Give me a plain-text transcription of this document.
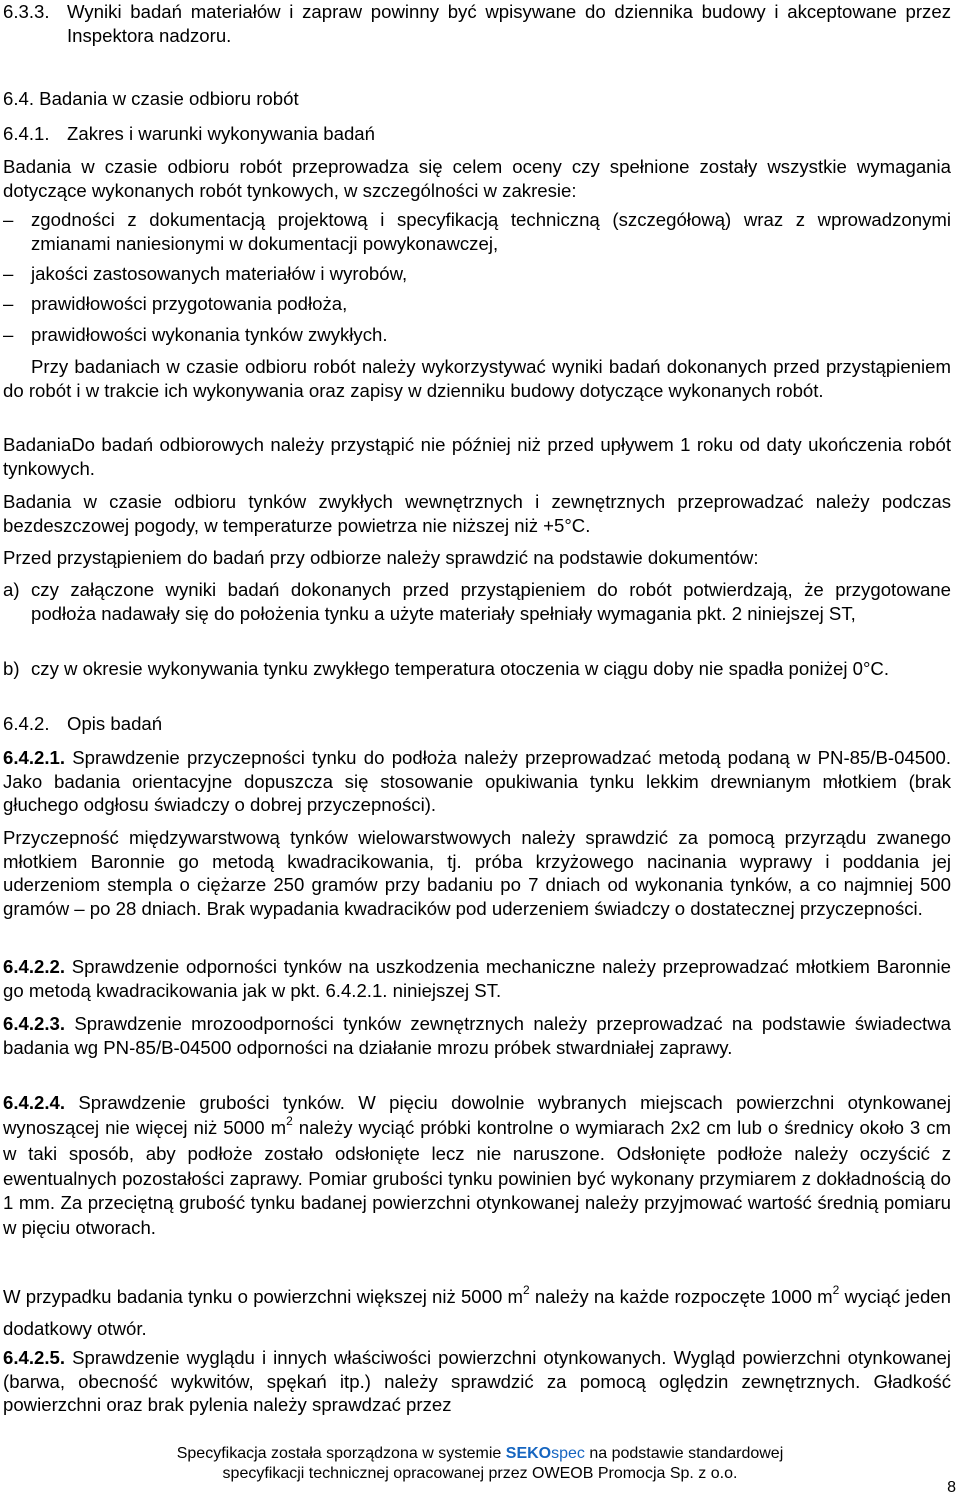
6.3.3. Wyniki badań materiałów i zapraw powinny być wpisywane do dziennika budowy i akceptowane przez Inspektora nadzoru.
6.4. Badania w czasie odbioru robót
6.4.1. Zakres i warunki wykonywania badań
Badania w czasie odbioru robót przeprowadza się celem oceny czy spełnione zostały wszystkie wymagania dotyczące wykonanych robót tynkowych, w szczególności w zakresie:
– zgodności z dokumentacją projektową i specyfikacją techniczną (szczegółową) wraz z wprowadzonymi zmianami naniesionymi w dokumentacji powykonawczej,
– jakości zastosowanych materiałów i wyrobów,
– prawidłowości przygotowania podłoża,
– prawidłowości wykonania tynków zwykłych.
Przy badaniach w czasie odbioru robót należy wykorzystywać wyniki badań dokonanych przed przystąpieniem do robót i w trakcie ich wykonywania oraz zapisy w dzienniku budowy dotyczące wykonanych robót.
BadaniaDo badań odbiorowych należy przystąpić nie później niż przed upływem 1 roku od daty ukończenia robót tynkowych.
Badania w czasie odbioru tynków zwykłych wewnętrznych i zewnętrznych przeprowadzać należy podczas bezdeszczowej pogody, w temperaturze powietrza nie niższej niż +5°C.
Przed przystąpieniem do badań przy odbiorze należy sprawdzić na podstawie dokumentów:
a) czy załączone wyniki badań dokonanych przed przystąpieniem do robót potwierdzają, że przygotowane podłoża nadawały się do położenia tynku a użyte materiały spełniały wymagania pkt. 2 niniejszej ST,
b) czy w okresie wykonywania tynku zwykłego temperatura otoczenia w ciągu doby nie spadła poniżej 0°C.
6.4.2. Opis badań
6.4.2.1. Sprawdzenie przyczepności tynku do podłoża należy przeprowadzać metodą podaną w PN-85/B-04500. Jako badania orientacyjne dopuszcza się stosowanie opukiwania tynku lekkim drewnianym młotkiem (brak głuchego odgłosu świadczy o dobrej przyczepności).
Przyczepność międzywarstwową tynków wielowarstwowych należy sprawdzić za pomocą przyrządu zwanego młotkiem Baronnie go metodą kwadracikowania, tj. próba krzyżowego nacinania wyprawy i poddania jej uderzeniom stempla o ciężarze 250 gramów przy badaniu po 7 dniach od wykonania tynków, a co najmniej 500 gramów – po 28 dniach. Brak wypadania kwadracików pod uderzeniem świadczy o dostatecznej przyczepności.
6.4.2.2. Sprawdzenie odporności tynków na uszkodzenia mechaniczne należy przeprowadzać młotkiem Baronnie go metodą kwadracikowania jak w pkt. 6.4.2.1. niniejszej ST.
6.4.2.3. Sprawdzenie mrozoodporności tynków zewnętrznych należy przeprowadzać na podstawie świadectwa badania wg PN-85/B-04500 odporności na działanie mrozu próbek stwardniałej zaprawy.
6.4.2.4. Sprawdzenie grubości tynków. W pięciu dowolnie wybranych miejscach powierzchni otynkowanej wynoszącej nie więcej niż 5000 $m^2$ należy wyciąć próbki kontrolne o wymiarach 2x2 cm lub o średnicy około 3 cm w taki sposób, aby podłoże zostało odsłonięte lecz nie naruszone. Odsłonięte podłoże należy oczyścić z ewentualnych pozostałości zaprawy. Pomiar grubości tynku powinien być wykonany przymiarem z dokładnością do 1 mm. Za przeciętną grubość tynku badanej powierzchni otynkowanej należy przyjmować wartość średnią pomiaru w pięciu otworach.
W przypadku badania tynku o powierzchni większej niż 5000 $m^2$ należy na każde rozpoczęte 1000 $m^2$ wyciąć jeden dodatkowy otwór.
6.4.2.5. Sprawdzenie wyglądu i innych właściwości powierzchni otynkowanych. Wygląd powierzchni otynkowanej (barwa, obecność wykwitów, spękań itp.) należy sprawdzić za pomocą oględzin zewnętrznych. Gładkość powierzchni oraz brak pylenia należy sprawdzać przez
Specyfikacja została sporządzona w systemie SEKOspec na podstawie standardowej
specyfikacji technicznej opracowanej przez OWEOB Promocja Sp. z o.o.
8
